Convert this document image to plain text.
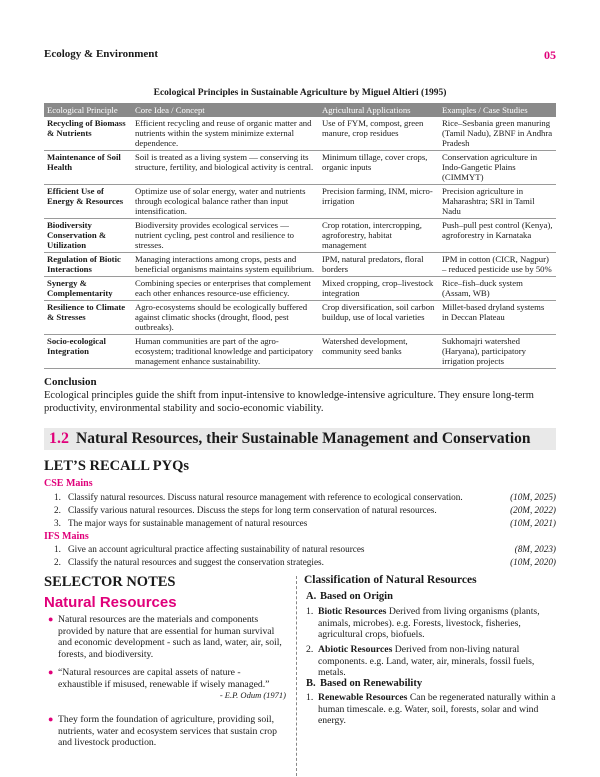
Ecology & Environment	05
Ecological Principles in Sustainable Agriculture by Miguel Altieri (1995)
Ecological Principle	Core Idea / Concept	Agricultural Applications	Examples / Case Studies
Recycling of Biomass & Nutrients	Efficient recycling and reuse of organic matter and nutrients within the system minimize external dependence.	Use of FYM, compost, green manure, crop residues	Rice–Sesbania green manuring (Tamil Nadu), ZBNF in Andhra Pradesh
Maintenance of Soil Health	Soil is treated as a living system — conserving its structure, fertility, and biological activity is central.	Minimum tillage, cover crops, organic inputs	Conservation agriculture in Indo-Gangetic Plains (CIMMYT)
Efficient Use of Energy & Resources	Optimize use of solar energy, water and nutrients through ecological balance rather than input intensification.	Precision farming, INM, micro-irrigation	Precision agriculture in Maharashtra; SRI in Tamil Nadu
Biodiversity Conservation & Utilization	Biodiversity provides ecological services — nutrient cycling, pest control and resilience to stresses.	Crop rotation, intercropping, agroforestry, habitat management	Push–pull pest control (Kenya), agroforestry in Karnataka
Regulation of Biotic Interactions	Managing interactions among crops, pests and beneficial organisms maintains system equilibrium.	IPM, natural predators, floral borders	IPM in cotton (CICR, Nagpur) – reduced pesticide use by 50%
Synergy & Complementarity	Combining species or enterprises that complement each other enhances resource-use efficiency.	Mixed cropping, crop–livestock integration	Rice–fish–duck system (Assam, WB)
Resilience to Climate & Stresses	Agro-ecosystems should be ecologically buffered against climatic shocks (drought, flood, pest outbreaks).	Crop diversification, soil carbon buildup, use of local varieties	Millet-based dryland systems in Deccan Plateau
Socio-ecological Integration	Human communities are part of the agro-ecosystem; traditional knowledge and participatory management enhance sustainability.	Watershed development, community seed banks	Sukhomajri watershed (Haryana), participatory irrigation projects
Conclusion
Ecological principles guide the shift from input-intensive to knowledge-intensive agriculture. They ensure long-term productivity, environmental stability and socio-economic viability.
1.2 Natural Resources, their Sustainable Management and Conservation
LET’S RECALL PYQs
CSE Mains
1. Classify natural resources. Discuss natural resource management with reference to ecological conservation.	(10M, 2025)
2. Classify various natural resources. Discuss the steps for long term conservation of natural resources.	(20M, 2022)
3. The major ways for sustainable management of natural resources	(10M, 2021)
IFS Mains
1. Give an account agricultural practice affecting sustainability of natural resources	(8M, 2023)
2. Classify the natural resources and suggest the conservation strategies.	(10M, 2020)
SELECTOR NOTES
Natural Resources
● Natural resources are the materials and components provided by nature that are essential for human survival and economic development - such as land, water, air, soil, forests, and biodiversity.
● “Natural resources are capital assets of nature - exhaustible if misused, renewable if wisely managed.”
- E.P. Odum (1971)
● They form the foundation of agriculture, providing soil, nutrients, water and ecosystem services that sustain crop and livestock production.
Classification of Natural Resources
A. Based on Origin
1. Biotic Resources Derived from living organisms (plants, animals, microbes). e.g. Forests, livestock, fisheries, agricultural crops, biofuels.
2. Abiotic Resources Derived from non-living natural components. e.g. Land, water, air, minerals, fossil fuels, metals.
B. Based on Renewability
1. Renewable Resources Can be regenerated naturally within a human timescale. e.g. Water, soil, forests, solar and wind energy.
